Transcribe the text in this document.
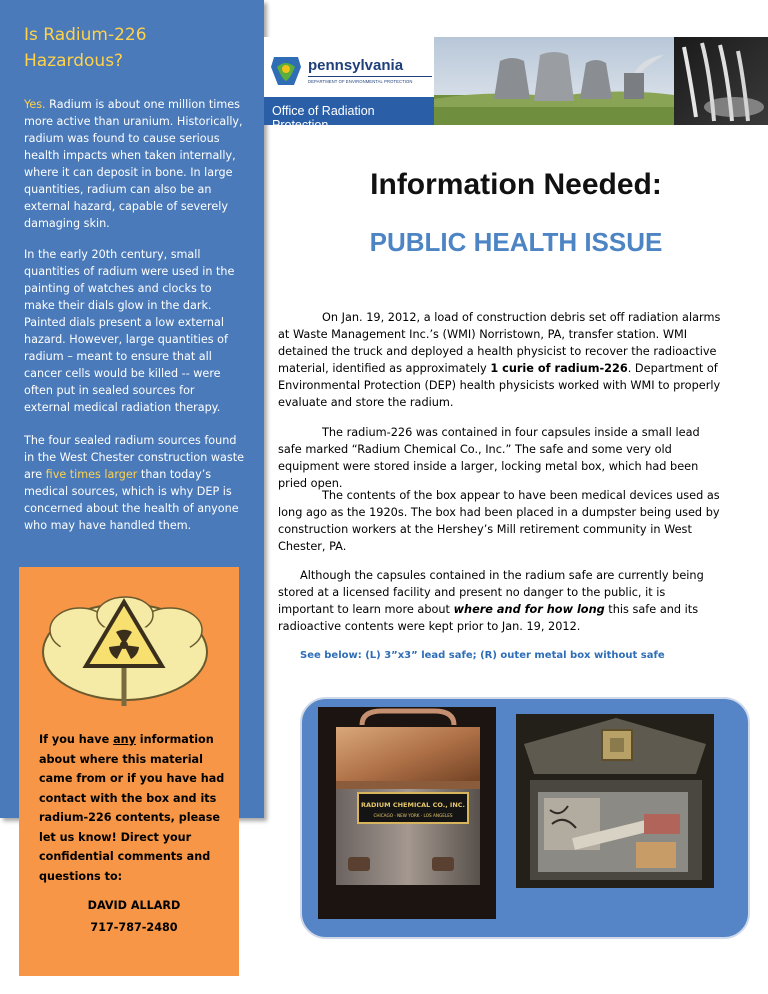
Is Radium-226 Hazardous?
Yes. Radium is about one million times more active than uranium. Historically, radium was found to cause serious health impacts when taken internally, where it can deposit in bone. In large quantities, radium can also be an external hazard, capable of severely damaging skin.
In the early 20th century, small quantities of radium were used in the painting of watches and clocks to make their dials glow in the dark. Painted dials present a low external hazard. However, large quantities of radium – meant to ensure that all cancer cells would be killed -- were often put in sealed sources for external medical radiation therapy.
The four sealed radium sources found in the West Chester construction waste are five times larger than today’s medical sources, which is why DEP is concerned about the health of anyone who may have handled them.
If you have any information about where this material came from or if you have had contact with the box and its radium-226 contents, please let us know! Direct your confidential comments and questions to:
DAVID ALLARD
717-787-2480
pennsylvania
DEPARTMENT OF ENVIRONMENTAL PROTECTION
Office of Radiation Protection
Information Needed:
PUBLIC HEALTH ISSUE
On Jan. 19, 2012, a load of construction debris set off radiation alarms at Waste Management Inc.’s (WMI) Norristown, PA, transfer station. WMI detained the truck and deployed a health physicist to recover the radioactive material, identified as approximately 1 curie of radium-226. Department of Environmental Protection (DEP) health physicists worked with WMI to properly evaluate and store the radium.
The radium-226 was contained in four capsules inside a small lead safe marked “Radium Chemical Co., Inc.” The safe and some very old equipment were stored inside a larger, locking metal box, which had been pried open.
The contents of the box appear to have been medical devices used as long ago as the 1920s. The box had been placed in a dumpster being used by construction workers at the Hershey’s Mill retirement community in West Chester, PA.
Although the capsules contained in the radium safe are currently being stored at a licensed facility and present no danger to the public, it is important to learn more about where and for how long this safe and its radioactive contents were kept prior to Jan. 19, 2012.
See below: (L) 3”x3” lead safe; (R) outer metal box without safe
RADIUM CHEMICAL CO., INC.
CHICAGO · NEW YORK · LOS ANGELES
